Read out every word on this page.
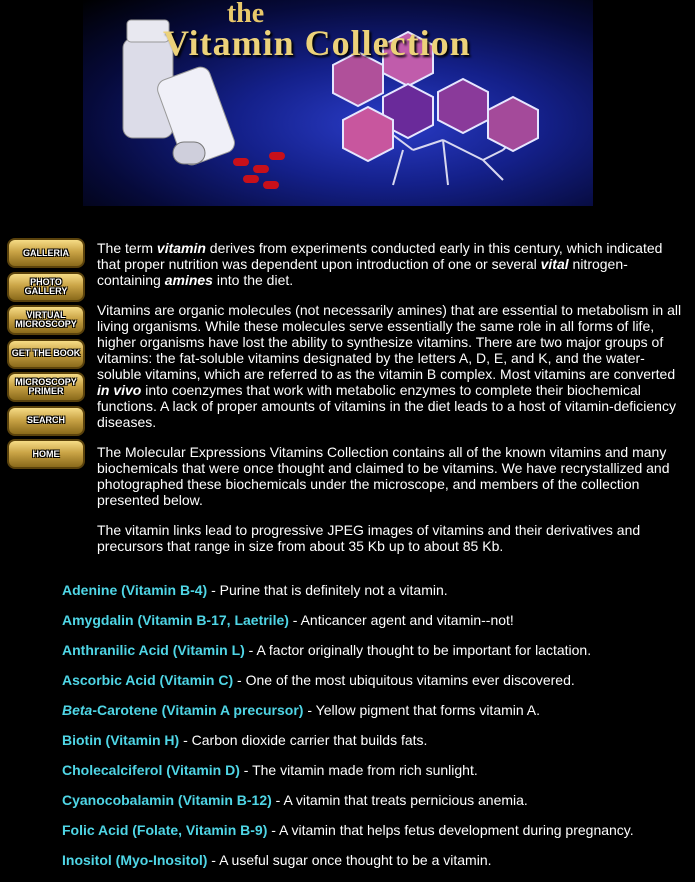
the
Vitamin Collection
GALLERIA
PHOTO GALLERY
VIRTUAL MICROSCOPY
GET THE BOOK
MICROSCOPY PRIMER
SEARCH
HOME

The term vitamin derives from experiments conducted early in this century, which indicated that proper nutrition was dependent upon introduction of one or several vital nitrogen-containing amines into the diet.

Vitamins are organic molecules (not necessarily amines) that are essential to metabolism in all living organisms. While these molecules serve essentially the same role in all forms of life, higher organisms have lost the ability to synthesize vitamins. There are two major groups of vitamins: the fat-soluble vitamins designated by the letters A, D, E, and K, and the water-soluble vitamins, which are referred to as the vitamin B complex. Most vitamins are converted in vivo into coenzymes that work with metabolic enzymes to complete their biochemical functions. A lack of proper amounts of vitamins in the diet leads to a host of vitamin-deficiency diseases.

The Molecular Expressions Vitamins Collection contains all of the known vitamins and many biochemicals that were once thought and claimed to be vitamins. We have recrystallized and photographed these biochemicals under the microscope, and members of the collection presented below.

The vitamin links lead to progressive JPEG images of vitamins and their derivatives and precursors that range in size from about 35 Kb up to about 85 Kb.

Adenine (Vitamin B-4) - Purine that is definitely not a vitamin.
Amygdalin (Vitamin B-17, Laetrile) - Anticancer agent and vitamin--not!
Anthranilic Acid (Vitamin L) - A factor originally thought to be important for lactation.
Ascorbic Acid (Vitamin C) - One of the most ubiquitous vitamins ever discovered.
Beta-Carotene (Vitamin A precursor) - Yellow pigment that forms vitamin A.
Biotin (Vitamin H) - Carbon dioxide carrier that builds fats.
Cholecalciferol (Vitamin D) - The vitamin made from rich sunlight.
Cyanocobalamin (Vitamin B-12) - A vitamin that treats pernicious anemia.
Folic Acid (Folate, Vitamin B-9) - A vitamin that helps fetus development during pregnancy.
Inositol (Myo-Inositol) - A useful sugar once thought to be a vitamin.
